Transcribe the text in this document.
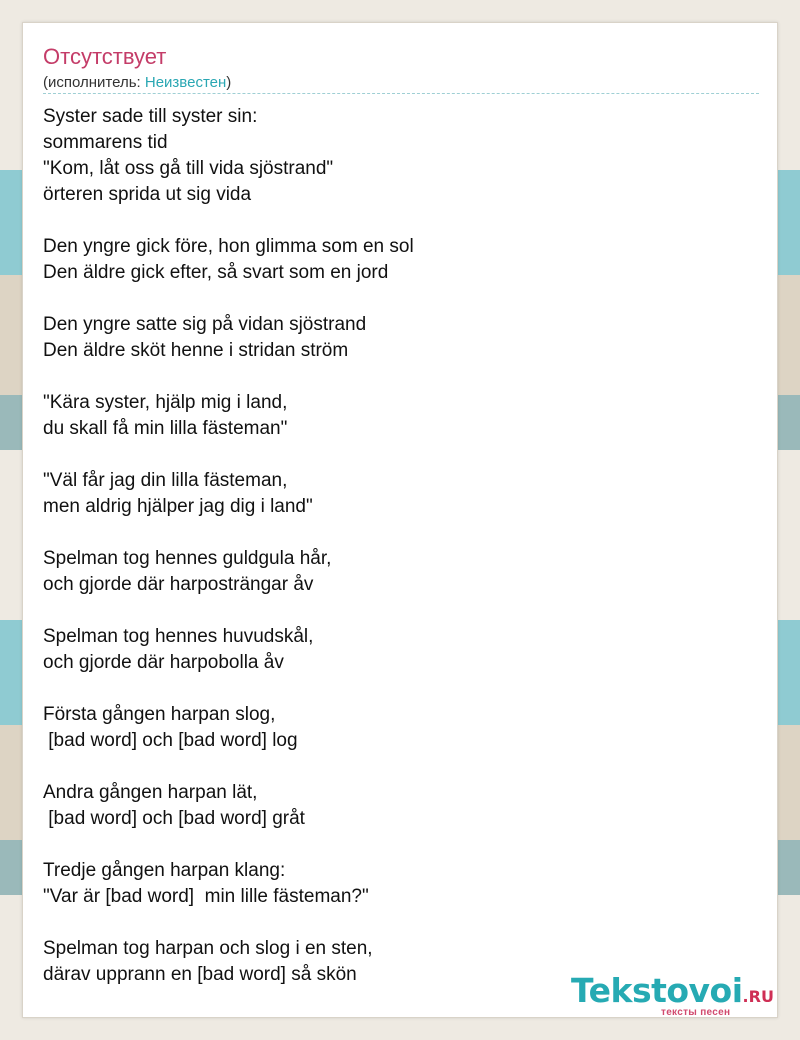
Отсутствует
(исполнитель: Неизвестен)
Syster sade till syster sin:
sommarens tid
"Kom, låt oss gå till vida sjöstrand"
örteren sprida ut sig vida
Den yngre gick före, hon glimma som en sol
Den äldre gick efter, så svart som en jord
Den yngre satte sig på vidan sjöstrand
Den äldre sköt henne i stridan ström
"Kära syster, hjälp mig i land,
du skall få min lilla fästeman"
"Väl får jag din lilla fästeman,
men aldrig hjälper jag dig i land"
Spelman tog hennes guldgula hår,
och gjorde där harposträngar åv
Spelman tog hennes huvudskål,
och gjorde där harpobolla åv
Första gången harpan slog,
[bad word] och [bad word] log
Andra gången harpan lät,
[bad word] och [bad word] gråt
Tredje gången harpan klang:
"Var är [bad word]  min lille fästeman?"
Spelman tog harpan och slog i en sten,
därav upprann en [bad word] så skön	Tekstovoi.RU
тексты песен
